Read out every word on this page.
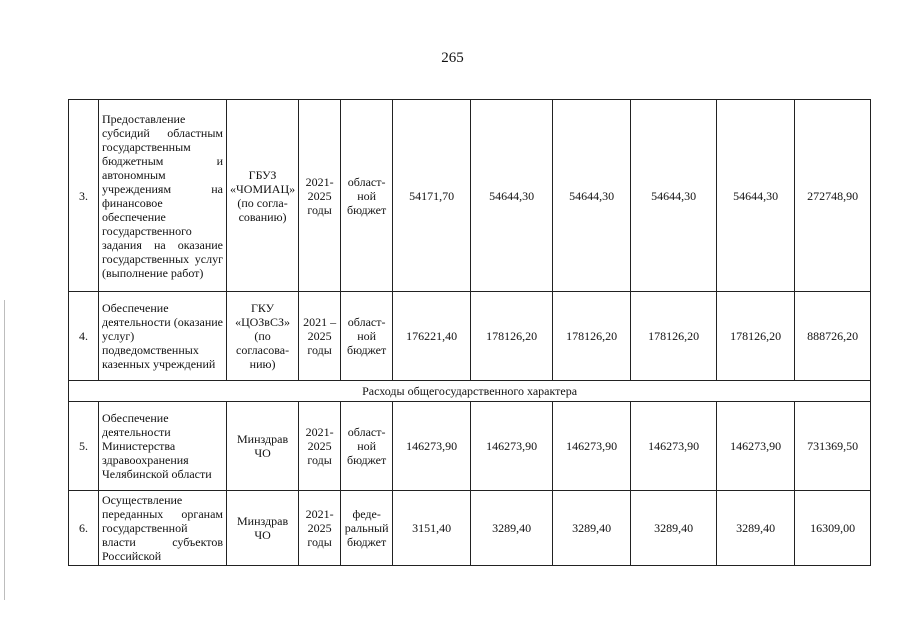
265
3.	Предоставление субсидий областным государственным бюджетным и автономным учреждениям на финансовое обеспечение государственного задания на оказание государственных услуг (выполнение работ)	ГБУЗ «ЧОМИАЦ» (по согла-сованию)	2021-2025 годы	област-ной бюджет	54171,70	54644,30	54644,30	54644,30	54644,30	272748,90
4.	Обеспечение деятельности (оказание услуг) подведомственных казенных учреждений	ГКУ «ЦОЗвСЗ» (по согласова-нию)	2021 – 2025 годы	област-ной бюджет	176221,40	178126,20	178126,20	178126,20	178126,20	888726,20
Расходы общегосударственного характера										
5.	Обеспечение деятельности Министерства здравоохранения Челябинской области	Минздрав ЧО	2021-2025 годы	област-ной бюджет	146273,90	146273,90	146273,90	146273,90	146273,90	731369,50
6.	Осуществление переданных органам государственной власти субъектов Российской	Минздрав ЧО	2021-2025 годы	феде-ральный бюджет	3151,40	3289,40	3289,40	3289,40	3289,40	16309,00
